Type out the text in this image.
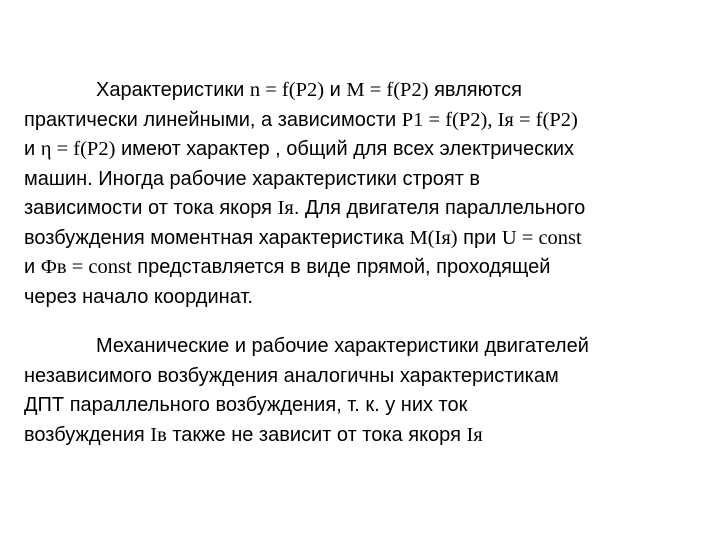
Характеристики n = f(P2) и M = f(P2) являются
практически линейными, а зависимости P1 = f(P2), Iя = f(P2)
и η = f(P2) имеют характер , общий для всех электрических
машин. Иногда рабочие характеристики строят в
зависимости от тока якоря Iя. Для двигателя параллельного
возбуждения моментная характеристика M(Iя) при U = const
и Фв = const представляется в виде прямой, проходящей
через начало координат.
Механические и рабочие характеристики двигателей
независимого возбуждения аналогичны характеристикам
ДПТ параллельного возбуждения, т. к. у них ток
возбуждения Iв также не зависит от тока якоря Iя
